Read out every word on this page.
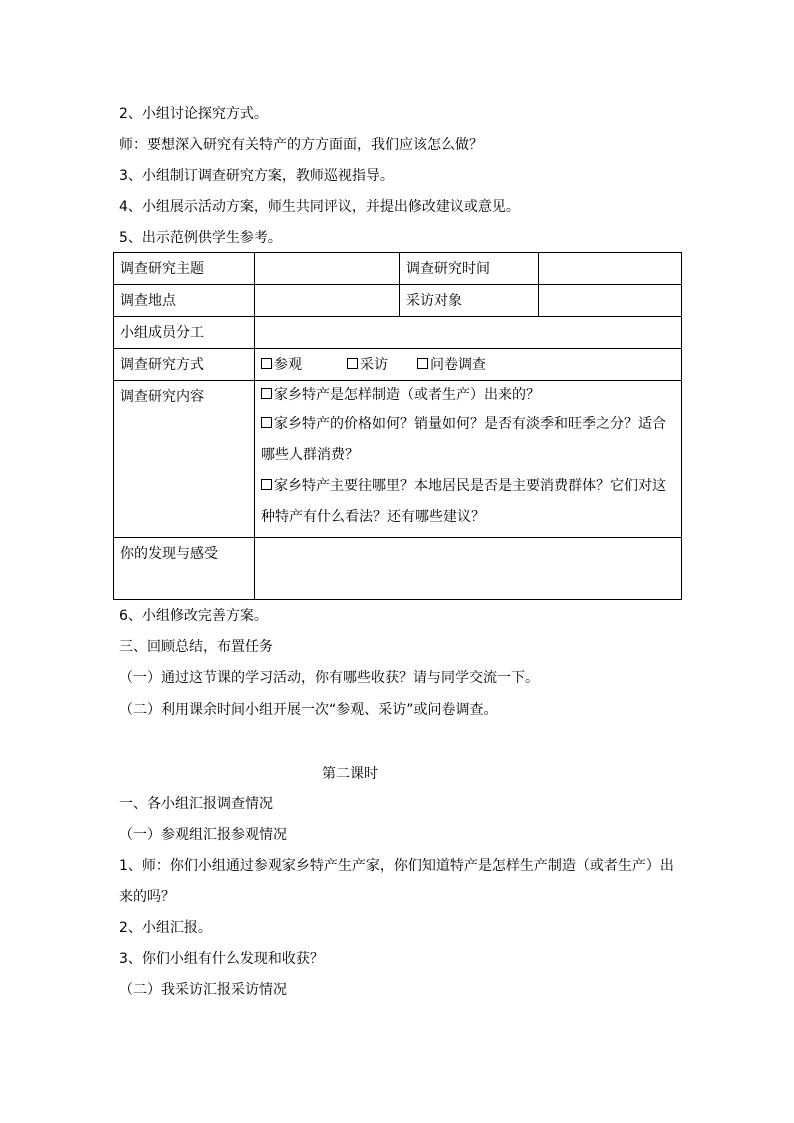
2、小组讨论探究方式。
师：要想深入研究有关特产的方方面面，我们应该怎么做？
3、小组制订调查研究方案，教师巡视指导。
4、小组展示活动方案，师生共同评议，并提出修改建议或意见。
5、出示范例供学生参考。
调查研究主题		调查研究时间	
调查地点		采访对象	
小组成员分工			
调查研究方式	参观 采访 问卷调查		
调查研究内容	家乡特产是怎样制造（或者生产）出来的？
家乡特产的价格如何？销量如何？是否有淡季和旺季之分？适合
哪些人群消费？
家乡特产主要往哪里？本地居民是否是主要消费群体？它们对这
种特产有什么看法？还有哪些建议？		

你的发现与感受			
6、小组修改完善方案。
三、回顾总结，布置任务
（一）通过这节课的学习活动，你有哪些收获？请与同学交流一下。
（二）利用课余时间小组开展一次“参观、采访”或问卷调查。
第二课时
一、各小组汇报调查情况
（一）参观组汇报参观情况
1、师：你们小组通过参观家乡特产生产家，你们知道特产是怎样生产制造（或者生产）出
来的吗？
2、小组汇报。
3、你们小组有什么发现和收获？
（二）我采访汇报采访情况
